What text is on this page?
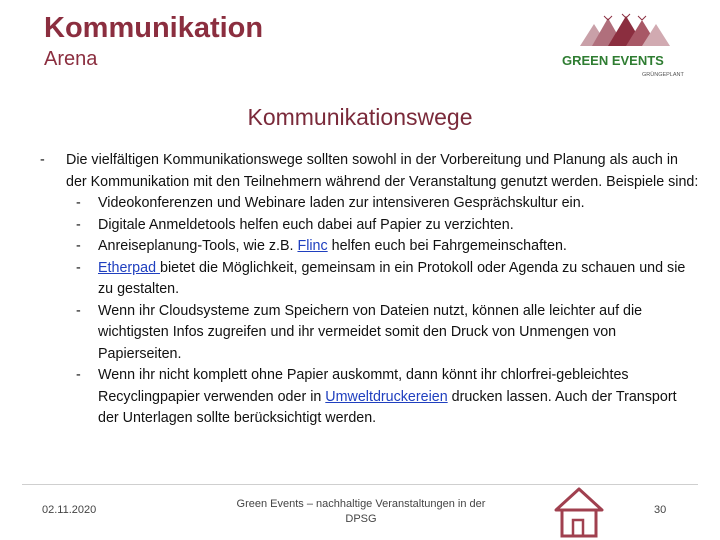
Kommunikation
Arena	GREEN EVENTS
GRÜNGEPLANT
Kommunikationswege
- Die vielfältigen Kommunikationswege sollten sowohl in der Vorbereitung und Planung als auch in der Kommunikation mit den Teilnehmern während der Veranstaltung genutzt werden. Beispiele sind:
- Videokonferenzen und Webinare laden zur intensiveren Gesprächskultur ein.
- Digitale Anmeldetools helfen euch dabei auf Papier zu verzichten.
- Anreiseplanung-Tools, wie z.B. Flinc helfen euch bei Fahrgemeinschaften.
- Etherpad bietet die Möglichkeit, gemeinsam in ein Protokoll oder Agenda zu schauen und sie zu gestalten.
- Wenn ihr Cloudsysteme zum Speichern von Dateien nutzt, können alle leichter auf die wichtigsten Infos zugreifen und ihr vermeidet somit den Druck von Unmengen von Papierseiten.
- Wenn ihr nicht komplett ohne Papier auskommt, dann könnt ihr chlorfrei-gebleichtes Recyclingpapier verwenden oder in Umweltdruckereien drucken lassen. Auch der Transport der Unterlagen sollte berücksichtigt werden.
02.11.2020	Green Events – nachhaltige Veranstaltungen in der DPSG
30
